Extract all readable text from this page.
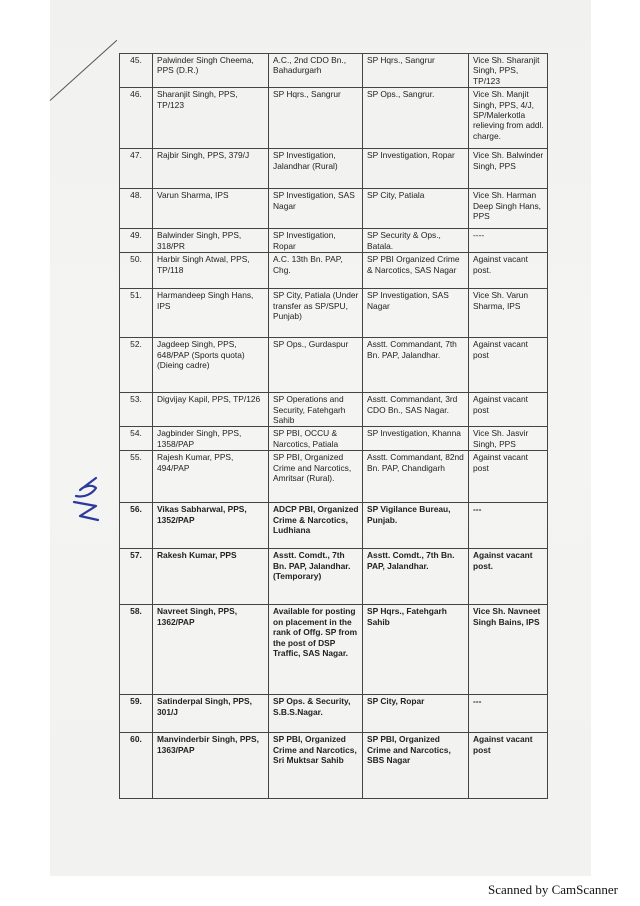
45.	Palwinder Singh Cheema, PPS (D.R.)	A.C., 2nd CDO Bn., Bahadurgarh	SP Hqrs., Sangrur	Vice Sh. Sharanjit Singh, PPS, TP/123
46.	Sharanjit Singh, PPS, TP/123	SP Hqrs., Sangrur	SP Ops., Sangrur.	Vice Sh. Manjit Singh, PPS, 4/J, SP/Malerkotla relieving from addl. charge.
47.	Rajbir Singh, PPS, 379/J	SP Investigation, Jalandhar (Rural)	SP Investigation, Ropar	Vice Sh. Balwinder Singh, PPS
48.	Varun Sharma, IPS	SP Investigation, SAS Nagar	SP City, Patiala	Vice Sh. Harman Deep Singh Hans, PPS
49.	Balwinder Singh, PPS, 318/PR	SP Investigation, Ropar	SP Security & Ops., Batala.	----
50.	Harbir Singh Atwal, PPS, TP/118	A.C. 13th Bn. PAP, Chg.	SP PBI Organized Crime & Narcotics, SAS Nagar	Against vacant post.
51.	Harmandeep Singh Hans, IPS	SP City, Patiala (Under transfer as SP/SPU, Punjab)	SP Investigation, SAS Nagar	Vice Sh. Varun Sharma, IPS
52.	Jagdeep Singh, PPS, 648/PAP (Sports quota) (Dieing cadre)	SP Ops., Gurdaspur	Asstt. Commandant, 7th Bn. PAP, Jalandhar.	Against vacant post
53.	Digvijay Kapil, PPS, TP/126	SP Operations and Security, Fatehgarh Sahib	Asstt. Commandant, 3rd CDO Bn., SAS Nagar.	Against vacant post
54.	Jagbinder Singh, PPS, 1358/PAP	SP PBI, OCCU & Narcotics, Patiala	SP Investigation, Khanna	Vice Sh. Jasvir Singh, PPS
55.	Rajesh Kumar, PPS, 494/PAP	SP PBI, Organized Crime and Narcotics, Amritsar (Rural).	Asstt. Commandant, 82nd Bn. PAP, Chandigarh	Against vacant post
56.	Vikas Sabharwal, PPS, 1352/PAP	ADCP PBI, Organized Crime & Narcotics, Ludhiana	SP Vigilance Bureau, Punjab.	---
57.	Rakesh Kumar, PPS	Asstt. Comdt., 7th Bn. PAP, Jalandhar. (Temporary)	Asstt. Comdt., 7th Bn. PAP, Jalandhar.	Against vacant post.
58.	Navreet Singh, PPS, 1362/PAP	Available for posting on placement in the rank of Offg. SP from the post of DSP Traffic, SAS Nagar.	SP Hqrs., Fatehgarh Sahib	Vice Sh. Navneet Singh Bains, IPS
59.	Satinderpal Singh, PPS, 301/J	SP Ops. & Security, S.B.S.Nagar.	SP City, Ropar	---
60.	Manvinderbir Singh, PPS, 1363/PAP	SP PBI, Organized Crime and Narcotics, Sri Muktsar Sahib	SP PBI, Organized Crime and Narcotics, SBS Nagar	Against vacant post
Scanned by CamScanner
